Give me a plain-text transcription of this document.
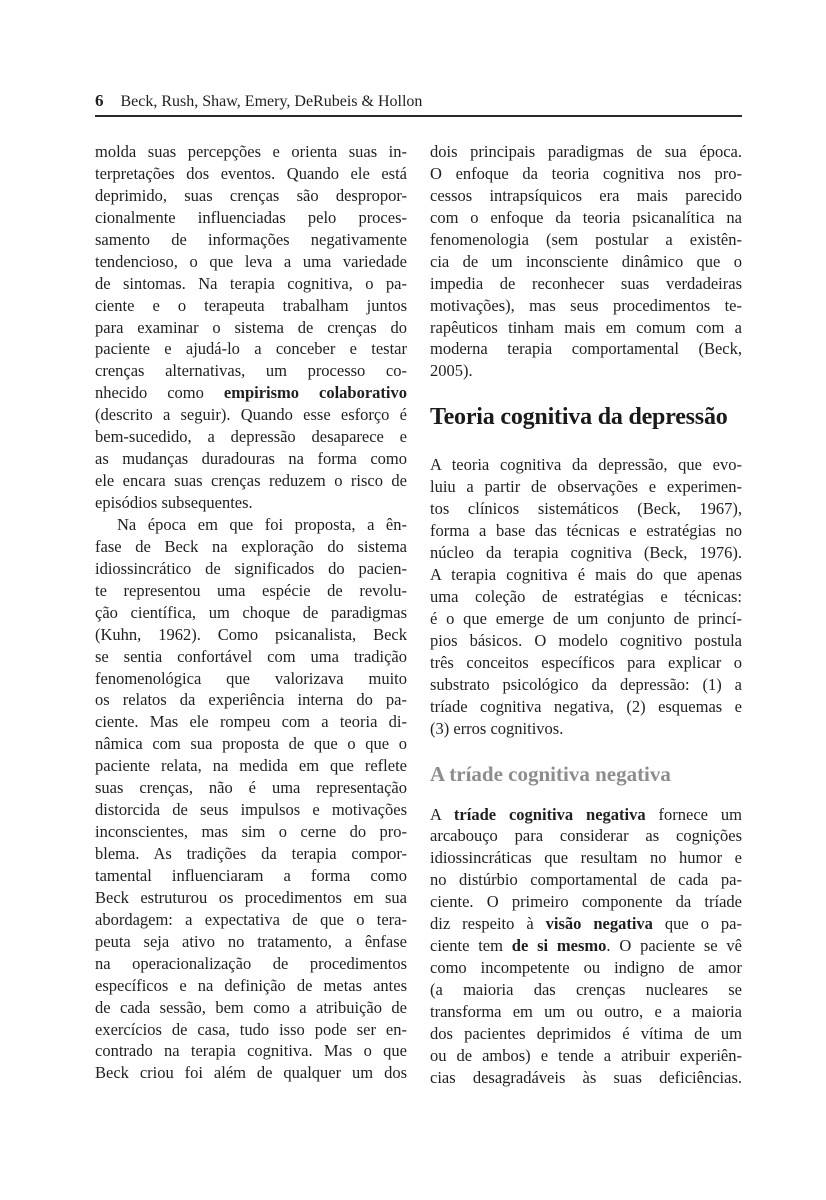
6 Beck, Rush, Shaw, Emery, DeRubeis & Hollon
molda suas percepções e orienta suas in-
terpretações dos eventos. Quando ele está
deprimido, suas crenças são despropor-
cionalmente influenciadas pelo proces-
samento de informações negativamente
tendencioso, o que leva a uma variedade
de sintomas. Na terapia cognitiva, o pa-
ciente e o terapeuta trabalham juntos
para examinar o sistema de crenças do
paciente e ajudá-lo a conceber e testar
crenças alternativas, um processo co-
nhecido como empirismo colaborativo
(descrito a seguir). Quando esse esforço é
bem-sucedido, a depressão desaparece e
as mudanças duradouras na forma como
ele encara suas crenças reduzem o risco de
episódios subsequentes.
Na época em que foi proposta, a ên-
fase de Beck na exploração do sistema
idiossincrático de significados do pacien-
te representou uma espécie de revolu-
ção científica, um choque de paradigmas
(Kuhn, 1962). Como psicanalista, Beck
se sentia confortável com uma tradição
fenomenológica que valorizava muito
os relatos da experiência interna do pa-
ciente. Mas ele rompeu com a teoria di-
nâmica com sua proposta de que o que o
paciente relata, na medida em que reflete
suas crenças, não é uma representação
distorcida de seus impulsos e motivações
inconscientes, mas sim o cerne do pro-
blema. As tradições da terapia compor-
tamental influenciaram a forma como
Beck estruturou os procedimentos em sua
abordagem: a expectativa de que o tera-
peuta seja ativo no tratamento, a ênfase
na operacionalização de procedimentos
específicos e na definição de metas antes
de cada sessão, bem como a atribuição de
exercícios de casa, tudo isso pode ser en-
contrado na terapia cognitiva. Mas o que
Beck criou foi além de qualquer um dos
dois principais paradigmas de sua época.
O enfoque da teoria cognitiva nos pro-
cessos intrapsíquicos era mais parecido
com o enfoque da teoria psicanalítica na
fenomenologia (sem postular a existên-
cia de um inconsciente dinâmico que o
impedia de reconhecer suas verdadeiras
motivações), mas seus procedimentos te-
rapêuticos tinham mais em comum com a
moderna terapia comportamental (Beck,
2005).
Teoria cognitiva da depressão
A teoria cognitiva da depressão, que evo-
luiu a partir de observações e experimen-
tos clínicos sistemáticos (Beck, 1967),
forma a base das técnicas e estratégias no
núcleo da terapia cognitiva (Beck, 1976).
A terapia cognitiva é mais do que apenas
uma coleção de estratégias e técnicas:
é o que emerge de um conjunto de princí-
pios básicos. O modelo cognitivo postula
três conceitos específicos para explicar o
substrato psicológico da depressão: (1) a
tríade cognitiva negativa, (2) esquemas e
(3) erros cognitivos.
A tríade cognitiva negativa
A tríade cognitiva negativa fornece um
arcabouço para considerar as cognições
idiossincráticas que resultam no humor e
no distúrbio comportamental de cada pa-
ciente. O primeiro componente da tríade
diz respeito à visão negativa que o pa-
ciente tem de si mesmo. O paciente se vê
como incompetente ou indigno de amor
(a maioria das crenças nucleares se
transforma em um ou outro, e a maioria
dos pacientes deprimidos é vítima de um
ou de ambos) e tende a atribuir experiên-
cias desagradáveis às suas deficiências.
